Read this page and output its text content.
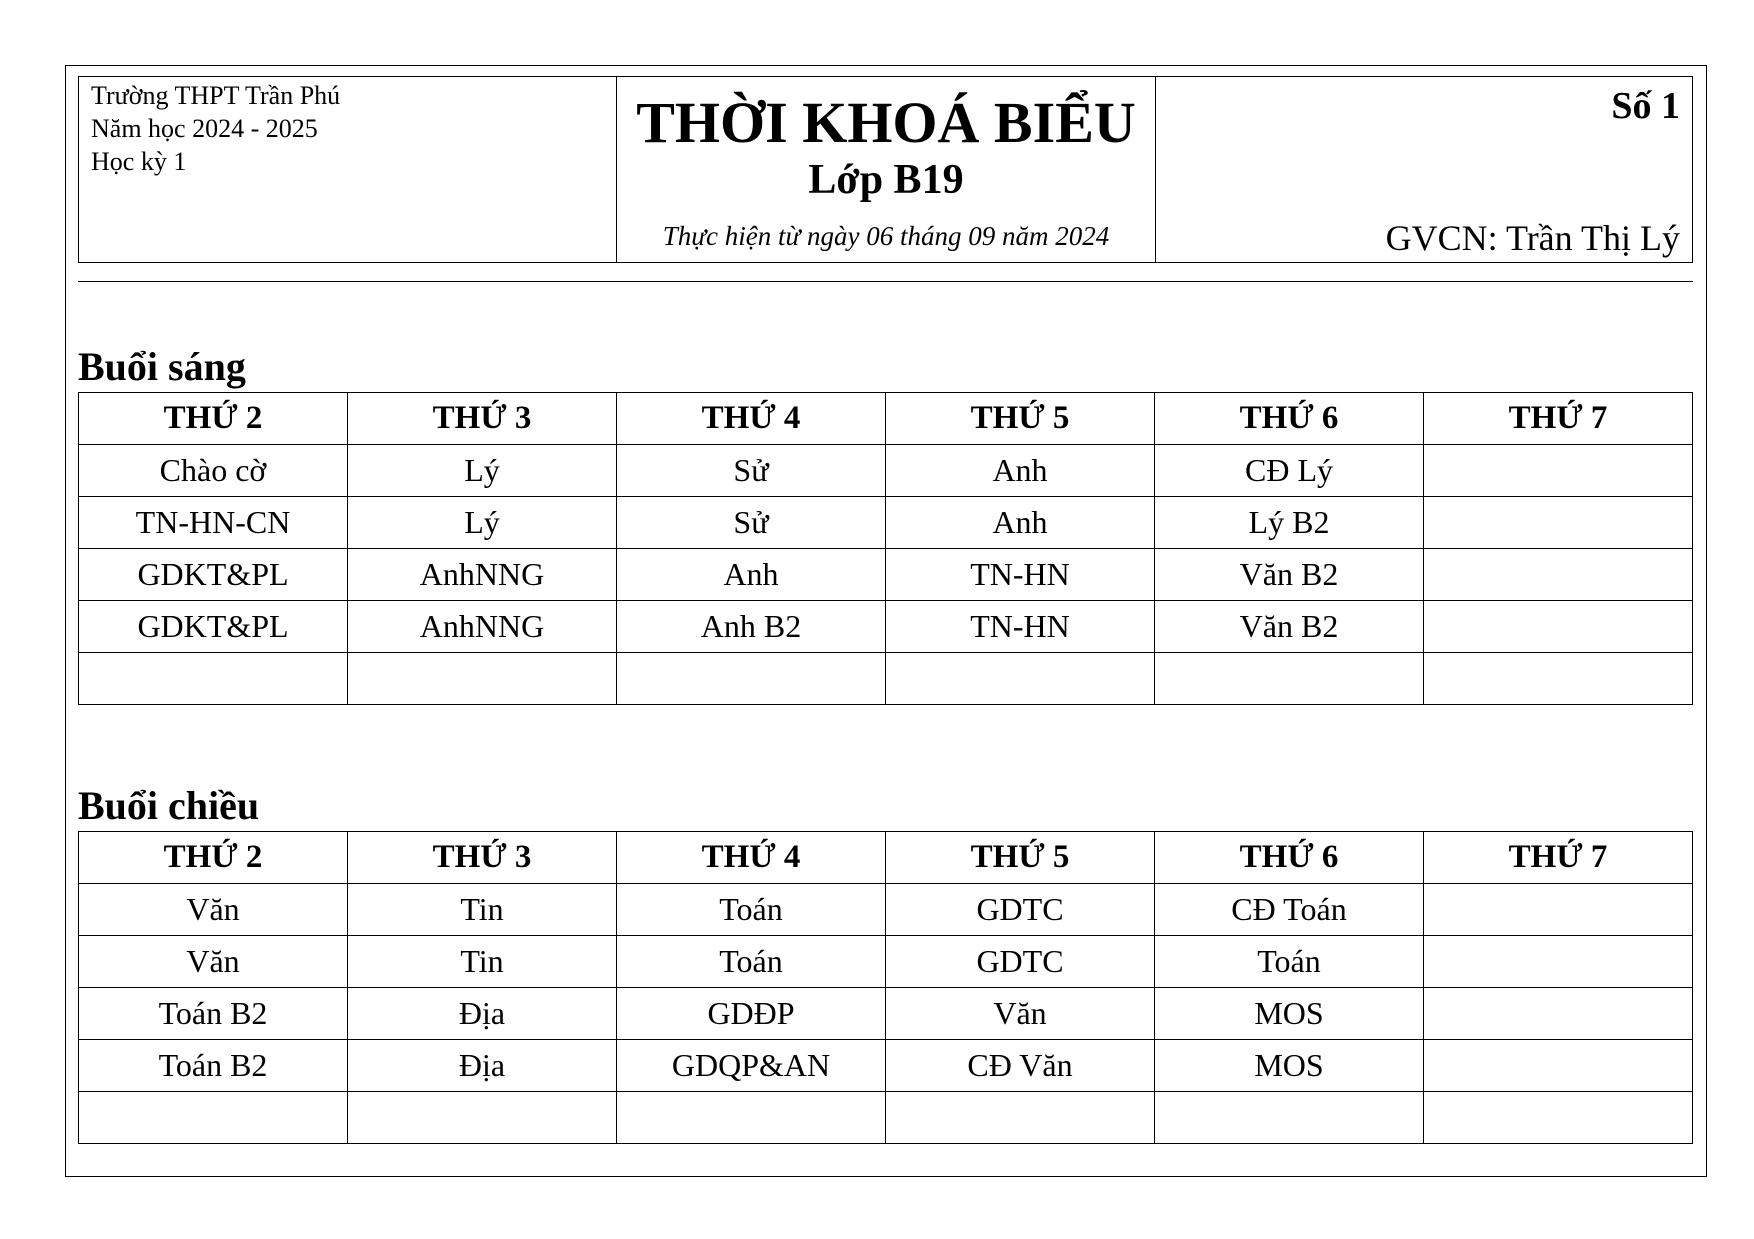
Trường THPT Trần Phú
Năm học 2024 - 2025
Học kỳ 1
THỜI KHOÁ BIỂU
Lớp B19
Thực hiện từ ngày 06 tháng 09 năm 2024
Số 1
GVCN: Trần Thị Lý
Buổi sáng
THỨ 2	THỨ 3	THỨ 4	THỨ 5	THỨ 6	THỨ 7
Chào cờ	Lý	Sử	Anh	CĐ Lý	
TN-HN-CN	Lý	Sử	Anh	Lý B2	
GDKT&PL	AnhNNG	Anh	TN-HN	Văn B2	
GDKT&PL	AnhNNG	Anh B2	TN-HN	Văn B2	

Buổi chiều
THỨ 2	THỨ 3	THỨ 4	THỨ 5	THỨ 6	THỨ 7
Văn	Tin	Toán	GDTC	CĐ Toán	
Văn	Tin	Toán	GDTC	Toán	
Toán B2	Địa	GDĐP	Văn	MOS	
Toán B2	Địa	GDQP&AN	CĐ Văn	MOS	
